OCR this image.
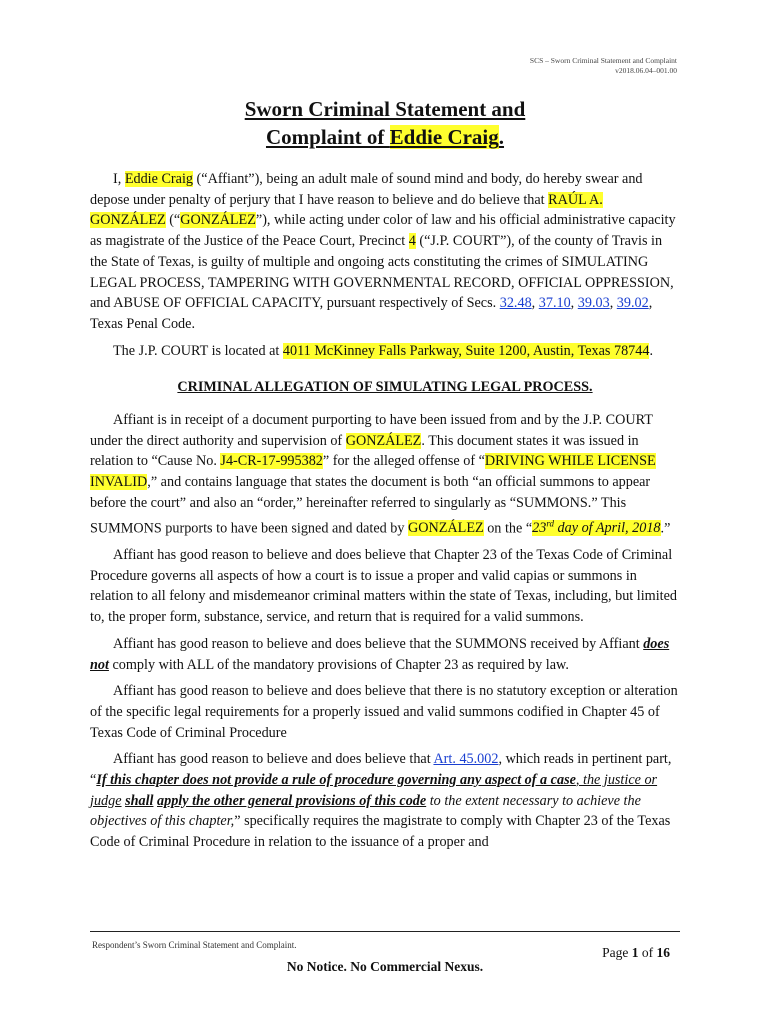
SCS – Sworn Criminal Statement and Complaint
v2018.06.04–001.00
Sworn Criminal Statement and
Complaint of Eddie Craig.

I, Eddie Craig (“Affiant”), being an adult male of sound mind and body, do hereby swear and depose under penalty of perjury that I have reason to believe and do believe that RAÚL A. GONZÁLEZ (“GONZÁLEZ”), while acting under color of law and his official administrative capacity as magistrate of the Justice of the Peace Court, Precinct 4 (“J.P. COURT”), of the county of Travis in the State of Texas, is guilty of multiple and ongoing acts constituting the crimes of SIMULATING LEGAL PROCESS, TAMPERING WITH GOVERNMENTAL RECORD, OFFICIAL OPPRESSION, and ABUSE OF OFFICIAL CAPACITY, pursuant respectively of Secs. 32.48, 37.10, 39.03, 39.02, Texas Penal Code.

The J.P. COURT is located at 4011 McKinney Falls Parkway, Suite 1200, Austin, Texas 78744.

CRIMINAL ALLEGATION OF SIMULATING LEGAL PROCESS.

Affiant is in receipt of a document purporting to have been issued from and by the J.P. COURT under the direct authority and supervision of GONZÁLEZ. This document states it was issued in relation to “Cause No. J4-CR-17-995382” for the alleged offense of “DRIVING WHILE LICENSE INVALID,” and contains language that states the document is both “an official summons to appear before the court” and also an “order,” hereinafter referred to singularly as “SUMMONS.” This SUMMONS purports to have been signed and dated by GONZÁLEZ on the “23rd day of April, 2018.”

Affiant has good reason to believe and does believe that Chapter 23 of the Texas Code of Criminal Procedure governs all aspects of how a court is to issue a proper and valid capias or summons in relation to all felony and misdemeanor criminal matters within the state of Texas, including, but limited to, the proper form, substance, service, and return that is required for a valid summons.

Affiant has good reason to believe and does believe that the SUMMONS received by Affiant does not comply with ALL of the mandatory provisions of Chapter 23 as required by law.

Affiant has good reason to believe and does believe that there is no statutory exception or alteration of the specific legal requirements for a properly issued and valid summons codified in Chapter 45 of Texas Code of Criminal Procedure

Affiant has good reason to believe and does believe that Art. 45.002, which reads in pertinent part, “If this chapter does not provide a rule of procedure governing any aspect of a case, the justice or judge shall apply the other general provisions of this code to the extent necessary to achieve the objectives of this chapter,” specifically requires the magistrate to comply with Chapter 23 of the Texas Code of Criminal Procedure in relation to the issuance of a proper and

Respondent’s Sworn Criminal Statement and Complaint.	Page 1 of 16
No Notice. No Commercial Nexus.
